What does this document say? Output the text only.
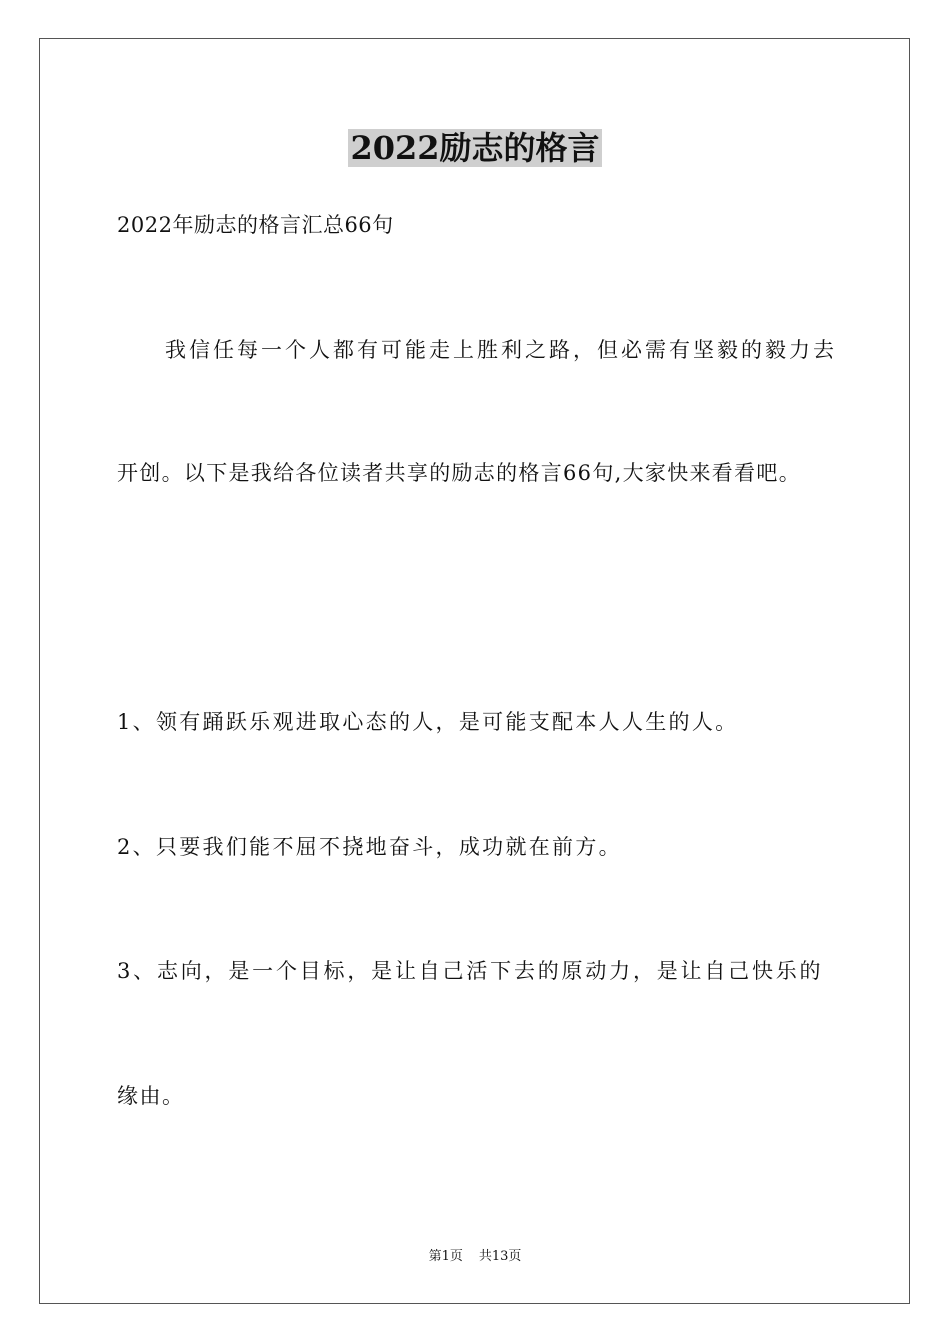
2022励志的格言
2022年励志的格言汇总66句
我信任每一个人都有可能走上胜利之路，但必需有坚毅的毅力去
开创。以下是我给各位读者共享的励志的格言66句,大家快来看看吧。
1、领有踊跃乐观进取心态的人，是可能支配本人人生的人。
2、只要我们能不屈不挠地奋斗，成功就在前方。
3、志向，是一个目标，是让自己活下去的原动力，是让自己快乐的
缘由。
第1页 共13页
